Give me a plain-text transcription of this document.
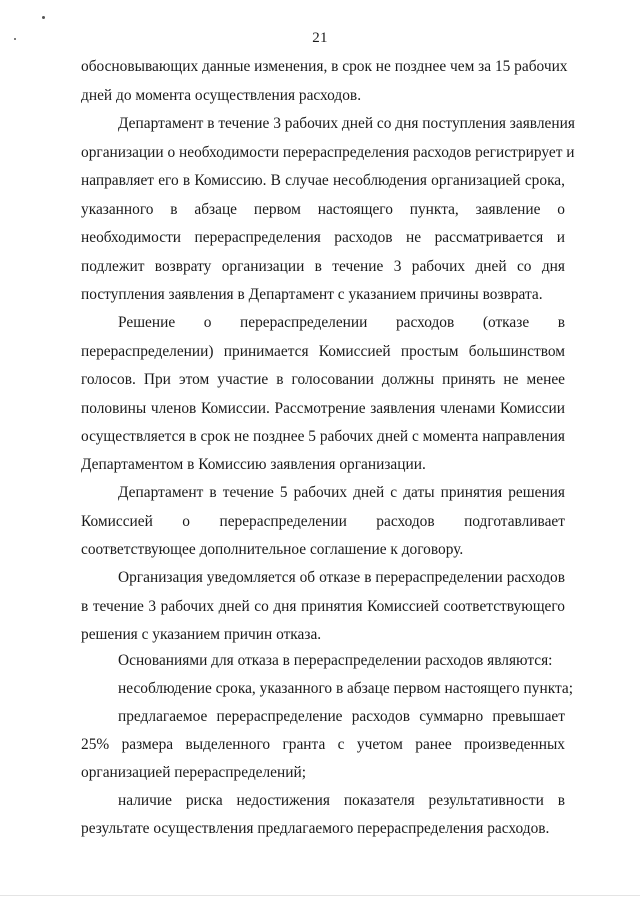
21
обосновывающих данные изменения, в срок не позднее чем за 15 рабочих
дней до момента осуществления расходов.
Департамент в течение 3 рабочих дней со дня поступления заявления
организации о необходимости перераспределения расходов регистрирует и
направляет его в Комиссию. В случае несоблюдения организацией срока,
указанного в абзаце первом настоящего пункта, заявление о
необходимости перераспределения расходов не рассматривается и
подлежит возврату организации в течение 3 рабочих дней со дня
поступления заявления в Департамент с указанием причины возврата.
Решение о перераспределении расходов (отказе в
перераспределении) принимается Комиссией простым большинством
голосов. При этом участие в голосовании должны принять не менее
половины членов Комиссии. Рассмотрение заявления членами Комиссии
осуществляется в срок не позднее 5 рабочих дней с момента направления
Департаментом в Комиссию заявления организации.
Департамент в течение 5 рабочих дней с даты принятия решения
Комиссией о перераспределении расходов подготавливает
соответствующее дополнительное соглашение к договору.
Организация уведомляется об отказе в перераспределении расходов
в течение 3 рабочих дней со дня принятия Комиссией соответствующего
решения с указанием причин отказа.
Основаниями для отказа в перераспределении расходов являются:
несоблюдение срока, указанного в абзаце первом настоящего пункта;
предлагаемое перераспределение расходов суммарно превышает
25% размера выделенного гранта с учетом ранее произведенных
организацией перераспределений;
наличие риска недостижения показателя результативности в
результате осуществления предлагаемого перераспределения расходов.
